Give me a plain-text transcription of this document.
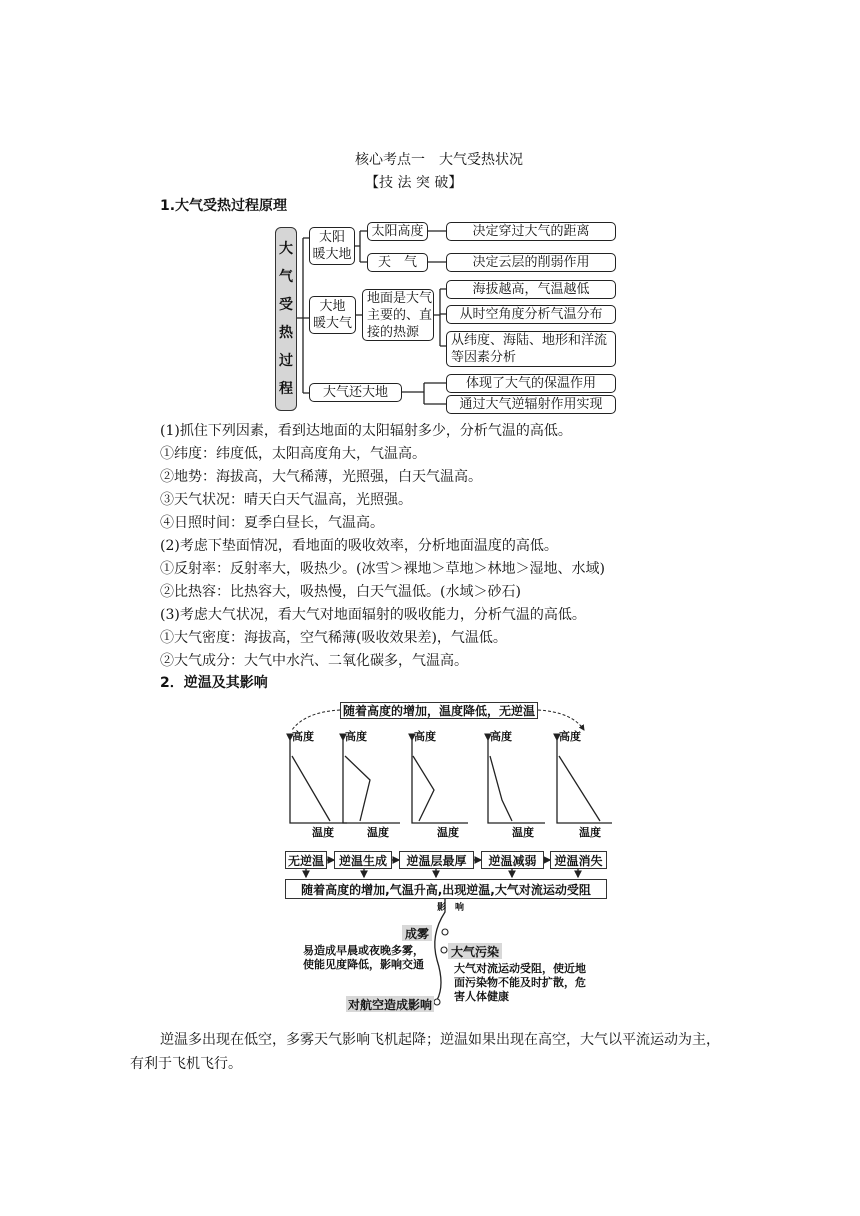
核心考点一　大气受热状况
【技 法 突 破】
1.大气受热过程原理
大
气
受
热
过
程
太阳
暖大地
太阳高度
天　气
决定穿过大气的距离
决定云层的削弱作用
大地
暖大气
地面是大气
主要的、直
接的热源
海拔越高，气温越低
从时空角度分析气温分布
从纬度、海陆、地形和洋流
等因素分析
大气还大地
体现了大气的保温作用
通过大气逆辐射作用实现
(1)抓住下列因素，看到达地面的太阳辐射多少，分析气温的高低。
①纬度：纬度低，太阳高度角大，气温高。
②地势：海拔高，大气稀薄，光照强，白天气温高。
③天气状况：晴天白天气温高，光照强。
④日照时间：夏季白昼长，气温高。
(2)考虑下垫面情况，看地面的吸收效率，分析地面温度的高低。
①反射率：反射率大，吸热少。(冰雪＞裸地＞草地＞林地＞湿地、水域)
②比热容：比热容大，吸热慢，白天气温低。(水域＞砂石)
(3)考虑大气状况，看大气对地面辐射的吸收能力，分析气温的高低。
①大气密度：海拔高，空气稀薄(吸收效果差)，气温低。
②大气成分：大气中水汽、二氧化碳多，气温高。
2．逆温及其影响
随着高度的增加，温度降低，无逆温
高度	高度	高度	高度	高度
温度	温度	温度	温度	温度
无逆温	逆温生成	逆温层最厚	逆温减弱	逆温消失
随着高度的增加,气温升高,出现逆温,大气对流运动受阻
影　响
成雾
易造成早晨或夜晚多雾，
使能见度降低，影响交通
大气污染
大气对流运动受阻，使近地
面污染物不能及时扩散，危
害人体健康
对航空造成影响
逆温多出现在低空，多雾天气影响飞机起降；逆温如果出现在高空，大气以平流运动为主，有利于飞机飞行。
